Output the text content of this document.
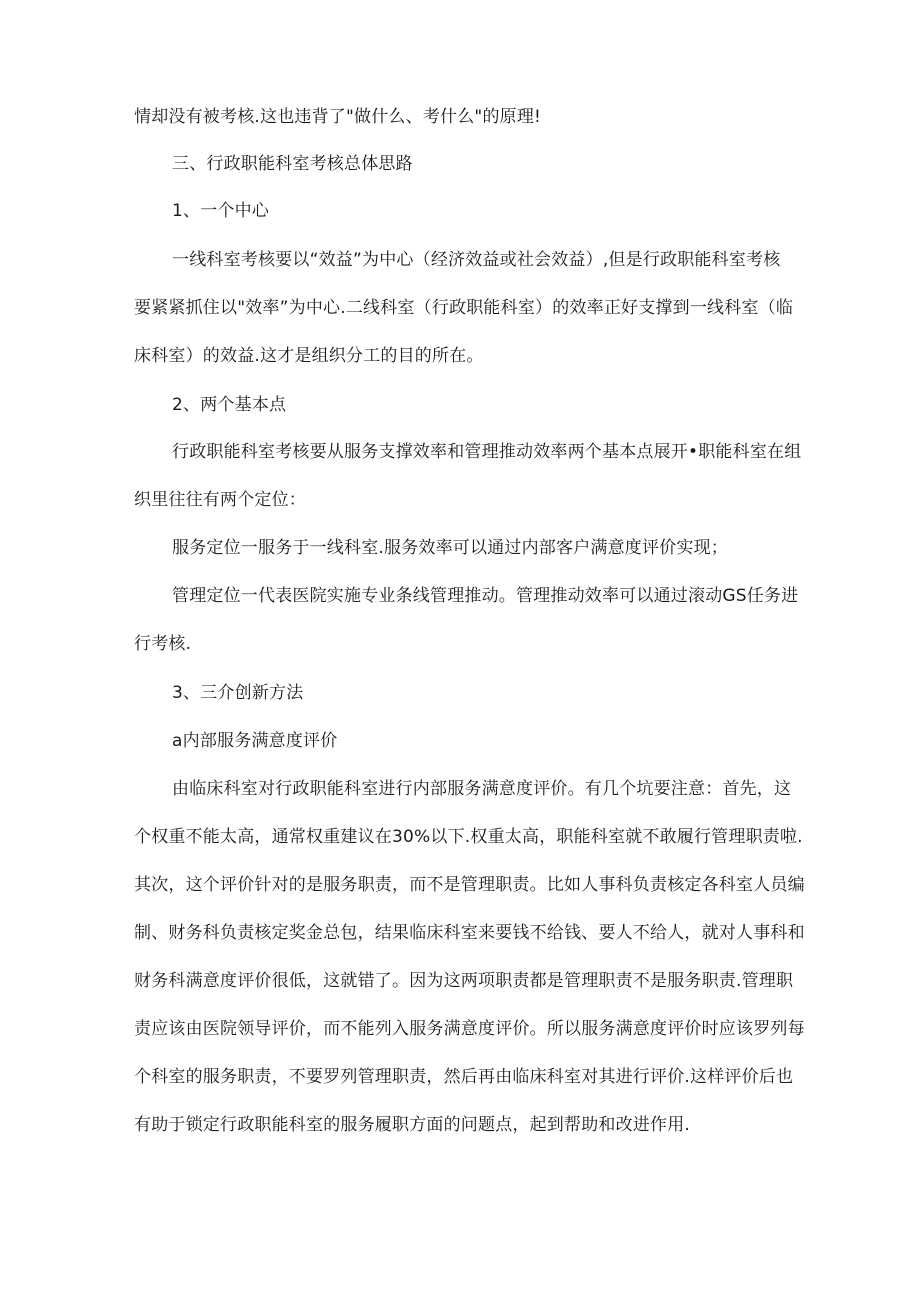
情却没有被考核.这也违背了"做什么、考什么"的原理!
三、行政职能科室考核总体思路
1、一个中心
一线科室考核要以“效益”为中心（经济效益或社会效益）,但是行政职能科室考核
要紧紧抓住以"效率”为中心.二线科室（行政职能科室）的效率正好支撑到一线科室（临
床科室）的效益.这才是组织分工的目的所在。
2、两个基本点
行政职能科室考核要从服务支撑效率和管理推动效率两个基本点展开•职能科室在组
织里往往有两个定位：
服务定位一服务于一线科室.服务效率可以通过内部客户满意度评价实现；
管理定位一代表医院实施专业条线管理推动。管理推动效率可以通过滚动GS任务进
行考核.
3、三介创新方法
a内部服务满意度评价
由临床科室对行政职能科室进行内部服务满意度评价。有几个坑要注意：首先，这
个权重不能太高，通常权重建议在30%以下.权重太高，职能科室就不敢履行管理职责啦.
其次，这个评价针对的是服务职责，而不是管理职责。比如人事科负责核定各科室人员编
制、财务科负责核定奖金总包，结果临床科室来要钱不给钱、要人不给人，就对人事科和
财务科满意度评价很低，这就错了。因为这两项职责都是管理职责不是服务职责.管理职
责应该由医院领导评价，而不能列入服务满意度评价。所以服务满意度评价时应该罗列每
个科室的服务职责，不要罗列管理职责，然后再由临床科室对其进行评价.这样评价后也
有助于锁定行政职能科室的服务履职方面的问题点，起到帮助和改进作用.
